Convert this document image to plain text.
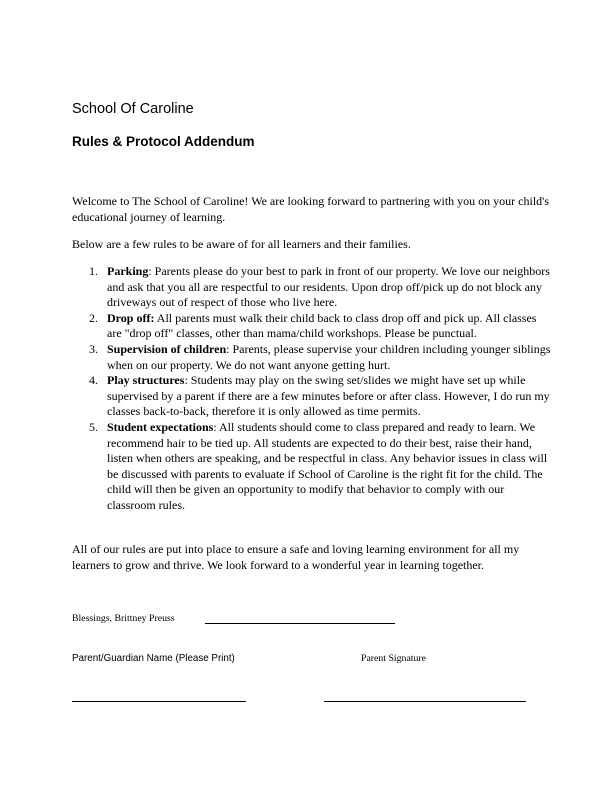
School Of Caroline
Rules & Protocol Addendum

Welcome to The School of Caroline! We are looking forward to partnering with you on your child's educational journey of learning.

Below are a few rules to be aware of for all learners and their families.

1. Parking: Parents please do your best to park in front of our property. We love our neighbors and ask that you all are respectful to our residents. Upon drop off/pick up do not block any driveways out of respect of those who live here.
2. Drop off: All parents must walk their child back to class drop off and pick up. All classes are "drop off" classes, other than mama/child workshops. Please be punctual.
3. Supervision of children: Parents, please supervise your children including younger siblings when on our property. We do not want anyone getting hurt.
4. Play structures: Students may play on the swing set/slides we might have set up while supervised by a parent if there are a few minutes before or after class. However, I do run my classes back-to-back, therefore it is only allowed as time permits.
5. Student expectations: All students should come to class prepared and ready to learn. We recommend hair to be tied up. All students are expected to do their best, raise their hand, listen when others are speaking, and be respectful in class. Any behavior issues in class will be discussed with parents to evaluate if School of Caroline is the right fit for the child. The child will then be given an opportunity to modify that behavior to comply with our classroom rules.

All of our rules are put into place to ensure a safe and loving learning environment for all my learners to grow and thrive. We look forward to a wonderful year in learning together.

Blessings, Brittney Preuss
Parent/Guardian Name (Please Print)	Parent Signature
